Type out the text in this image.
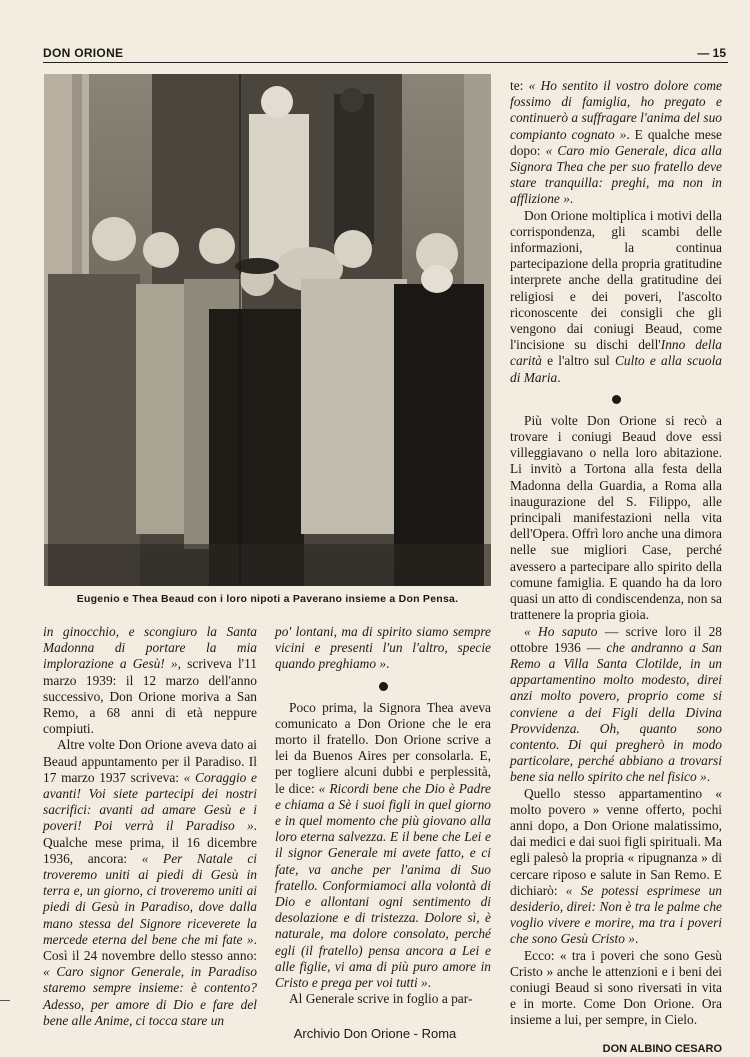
DON ORIONE	— 15
Eugenio e Thea Beaud con i loro nipoti a Paverano insieme a Don Pensa.

in ginocchio, e scongiuro la Santa Madonna di portare la mia implorazione a Gesù! », scriveva l'11 marzo 1939: il 12 marzo dell'anno successivo, Don Orione moriva a San Remo, a 68 anni di età neppure compiuti.

Altre volte Don Orione aveva dato ai Beaud appuntamento per il Paradiso. Il 17 marzo 1937 scriveva: « Coraggio e avanti! Voi siete partecipi dei nostri sacrifici: avanti ad amare Gesù e i poveri! Poi verrà il Paradiso ». Qualche mese prima, il 16 dicembre 1936, ancora: « Per Natale ci troveremo uniti ai piedi di Gesù in terra e, un giorno, ci troveremo uniti ai piedi di Gesù in Paradiso, dove dalla mano stessa del Signore riceverete la mercede eterna del bene che mi fate ». Così il 24 novembre dello stesso anno: « Caro signor Generale, in Paradiso staremo sempre insieme: è contento? Adesso, per amore di Dio e fare del bene alle Anime, ci tocca stare un

po' lontani, ma di spirito siamo sempre vicini e presenti l'un l'altro, specie quando preghiamo ».

Poco prima, la Signora Thea aveva comunicato a Don Orione che le era morto il fratello. Don Orione scrive a lei da Buenos Aires per consolarla. E, per togliere alcuni dubbi e perplessità, le dice: « Ricordi bene che Dio è Padre e chiama a Sè i suoi figli in quel giorno e in quel momento che più giovano alla loro eterna salvezza. E il bene che Lei e il signor Generale mi avete fatto, e ci fate, va anche per l'anima di Suo fratello. Conformiamoci alla volontà di Dio e allontani ogni sentimento di desolazione e di tristezza. Dolore sì, è naturale, ma dolore consolato, perché egli (il fratello) pensa ancora a Lei e alle figlie, vi ama di più puro amore in Cristo e prega per voi tutti ».

Al Generale scrive in foglio a par-

te: « Ho sentito il vostro dolore come fossimo di famiglia, ho pregato e continuerò a suffragare l'anima del suo compianto cognato ». E qualche mese dopo: « Caro mio Generale, dica alla Signora Thea che per suo fratello deve stare tranquilla: preghi, ma non in afflizione ».

Don Orione moltiplica i motivi della corrispondenza, gli scambi delle informazioni, la continua partecipazione della propria gratitudine interprete anche della gratitudine dei religiosi e dei poveri, l'ascolto riconoscente dei consigli che gli vengono dai coniugi Beaud, come l'incisione su dischi dell'Inno della carità e l'altro sul Culto e alla scuola di Maria.

Più volte Don Orione si recò a trovare i coniugi Beaud dove essi villeggiavano o nella loro abitazione. Li invitò a Tortona alla festa della Madonna della Guardia, a Roma alla inaugurazione del S. Filippo, alle principali manifestazioni nella vita dell'Opera. Offrì loro anche una dimora nelle sue migliori Case, perché avessero a partecipare allo spirito della comune famiglia. E quando ha da loro quasi un atto di condiscendenza, non sa trattenere la propria gioia.

« Ho saputo — scrive loro il 28 ottobre 1936 — che andranno a San Remo a Villa Santa Clotilde, in un appartamentino molto modesto, direi anzi molto povero, proprio come si conviene a dei Figli della Divina Provvidenza. Oh, quanto sono contento. Di qui pregherò in modo particolare, perché abbiano a trovarsi bene sia nello spirito che nel fisico ».

Quello stesso appartamentino « molto povero » venne offerto, pochi anni dopo, a Don Orione malatissimo, dai medici e dai suoi figli spirituali. Ma egli palesò la propria « ripugnanza » di cercare riposo e salute in San Remo. E dichiarò: « Se potessi esprimese un desiderio, direi: Non è tra le palme che voglio vivere e morire, ma tra i poveri che sono Gesù Cristo ».

Ecco: « tra i poveri che sono Gesù Cristo » anche le attenzioni e i beni dei coniugi Beaud si sono riversati in vita e in morte. Come Don Orione. Ora insieme a lui, per sempre, in Cielo.

DON ALBINO CESARO
Archivio Don Orione - Roma
